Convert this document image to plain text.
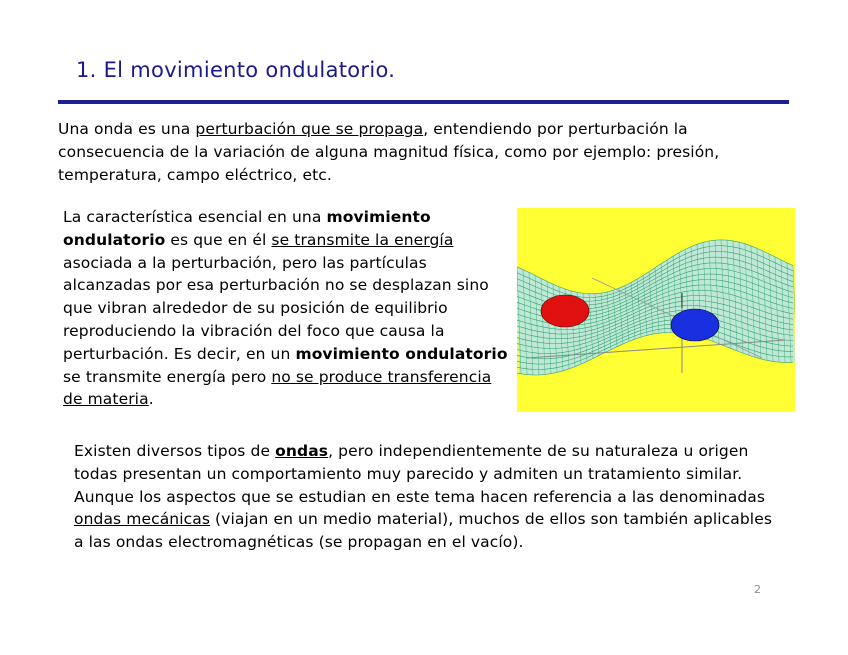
1. El movimiento ondulatorio.

Una onda es una perturbación que se propaga, entendiendo por perturbación la consecuencia de la variación de alguna magnitud física, como por ejemplo: presión, temperatura, campo eléctrico, etc.

La característica esencial en una movimiento ondulatorio es que en él se transmite la energía asociada a la perturbación, pero las partículas alcanzadas por esa perturbación no se desplazan sino que vibran alrededor de su posición de equilibrio reproduciendo la vibración del foco que causa la perturbación. Es decir, en un movimiento ondulatorio se transmite energía pero no se produce transferencia de materia.

Existen diversos tipos de ondas, pero independientemente de su naturaleza u origen todas presentan un comportamiento muy parecido y admiten un tratamiento similar. Aunque los aspectos que se estudian en este tema hacen referencia a las denominadas ondas mecánicas (viajan en un medio material), muchos de ellos son también aplicables a las ondas electromagnéticas (se propagan en el vacío).

2
